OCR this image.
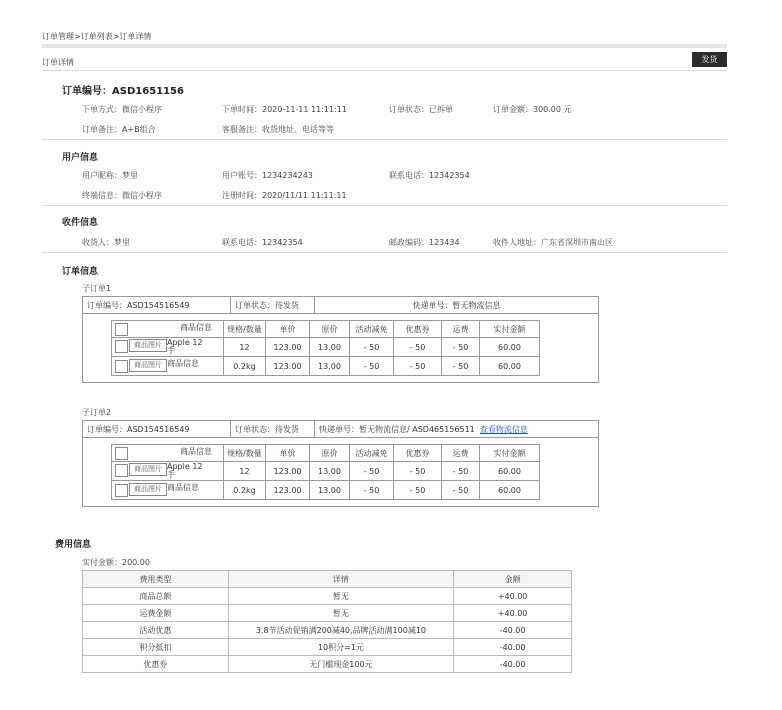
订单管理>订单列表>订单详情
订单详情	发货
订单编号：ASD1651156
下单方式：微信小程序	下单时间：2020-11-11 11:11:11	订单状态：已拆单	订单金额：300.00 元
订单备注：A+B组合	客服备注：收货地址、电话等等
用户信息
用户昵称：梦里	用户账号：1234234243	联系电话：12342354
终端信息：微信小程序	注册时间：2020/11/11 11:11:11
收件信息
收货人：梦里	联系电话：12342354	邮政编码：123434	收件人地址：广东省深圳市南山区
订单信息
子订单1
订单编号：ASD154516549	订单状态：待发货	快递单号：暂无物流信息

商品信息	规格/数量	单价	原价	活动减免	优惠券	运费	实付金额

商品图片 Apple 12 手	12	123.00	13.00	- 50	- 50	- 50	60.00

商品图片 商品信息	0.2kg	123.00	13.00	- 50	- 50	- 50	60.00
子订单2
订单编号：ASD154516549	订单状态：待发货	快递单号：暂无物流信息/ ASD465156511 查看物流信息

商品信息	规格/数量	单价	原价	活动减免	优惠券	运费	实付金额

商品图片 Apple 12 手	12	123.00	13.00	- 50	- 50	- 50	60.00

商品图片 商品信息	0.2kg	123.00	13.00	- 50	- 50	- 50	60.00
费用信息
实付金额：200.00
费用类型	详情	金额
商品总额	暂无	+40.00
运费金额	暂无	+40.00
活动优惠	3.8节活动促销满200减40,品牌活动满100减10	-40.00
积分抵扣	10积分=1元	-40.00
优惠券	无门槛现金100元	-40.00
